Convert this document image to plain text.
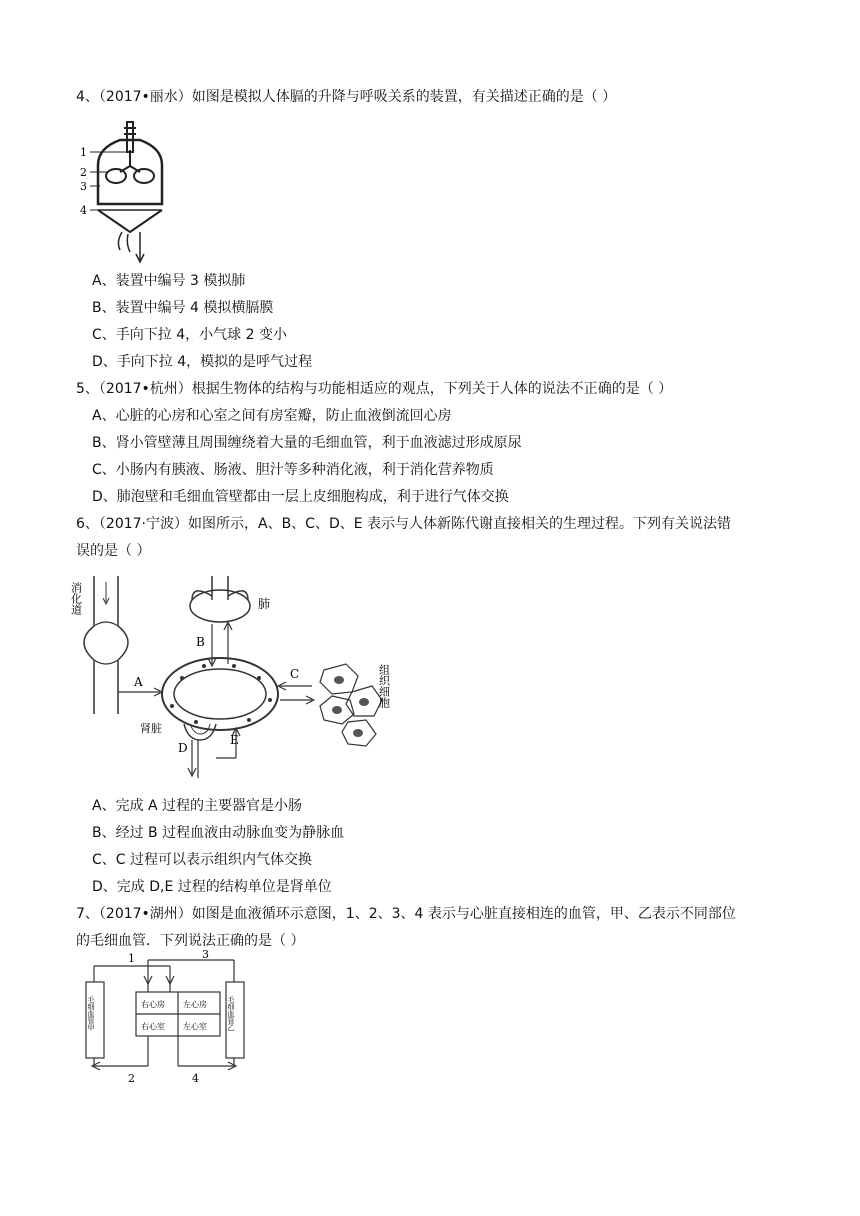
4、（2017•丽水）如图是模拟人体膈的升降与呼吸关系的装置，有关描述正确的是（ ）
1
2
3
4
A、装置中编号 3 模拟肺
B、装置中编号 4 模拟横膈膜
C、手向下拉 4，小气球 2 变小
D、手向下拉 4，模拟的是呼气过程
5、（2017•杭州）根据生物体的结构与功能相适应的观点，下列关于人体的说法不正确的是（ ）
A、心脏的心房和心室之间有房室瓣，防止血液倒流回心房
B、肾小管壁薄且周围缠绕着大量的毛细血管，利于血液滤过形成原尿
C、小肠内有胰液、肠液、胆汁等多种消化液，利于消化营养物质
D、肺泡壁和毛细血管壁都由一层上皮细胞构成，利于进行气体交换
6、（2017·宁波）如图所示，A、B、C、D、E 表示与人体新陈代谢直接相关的生理过程。下列有关说法错
误的是（ ）
消化道	肺
B
A
C	组织细胞
肾脏
D
E
A、完成 A 过程的主要器官是小肠
B、经过 B 过程血液由动脉血变为静脉血
C、C 过程可以表示组织内气体交换
D、完成 D,E 过程的结构单位是肾单位
7、（2017•湖州）如图是血液循环示意图，1、2、3、4 表示与心脏直接相连的血管，甲、乙表示不同部位
的毛细血管．下列说法正确的是（ ）
1	3
毛细血管甲	右心房 左心房
右心室 左心室	毛细血管乙
2	4
